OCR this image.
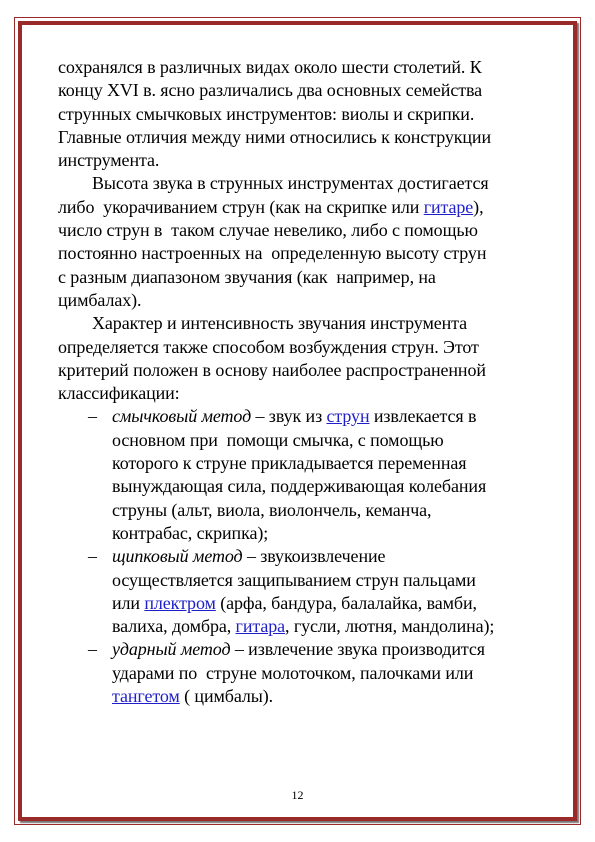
сохранялся в различных видах около шести столетий. К
концу XVI в. ясно различались два основных семейства
струнных смычковых инструментов: виолы и скрипки.
Главные отличия между ними относились к конструкции
инструмента.
Высота звука в струнных инструментах достигается
либо  укорачиванием струн (как на скрипке или гитаре),
число струн в  таком случае невелико, либо с помощью
постоянно настроенных на  определенную высоту струн
с разным диапазоном звучания (как  например, на
цимбалах).
Характер и интенсивность звучания инструмента
определяется также способом возбуждения струн. Этот
критерий положен в основу наиболее распространенной
классификации:
– смычковый метод – звук из струн извлекается в
основном при  помощи смычка, с помощью
которого к струне прикладывается переменная
вынуждающая сила, поддерживающая колебания
струны (альт, виола, виолончель, кеманча,
контрабас, скрипка);
– щипковый метод – звукоизвлечение
осуществляется защипыванием струн пальцами
или плектром (арфа, бандура, балалайка, вамби,
валиха, домбра, гитара, гусли, лютня, мандолина);
– ударный метод – извлечение звука производится
ударами по  струне молоточком, палочками или
тангетом ( цимбалы).
12
